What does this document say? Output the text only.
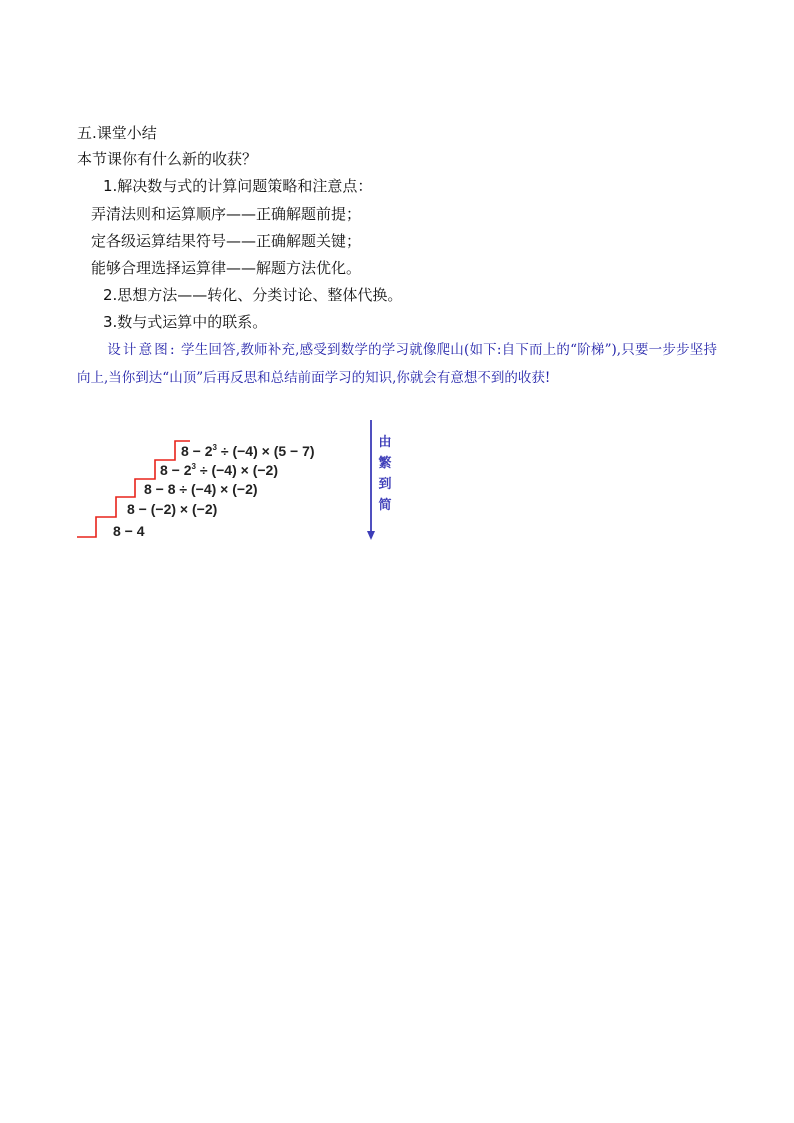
五.课堂小结
本节课你有什么新的收获？
1.解决数与式的计算问题策略和注意点：
弄清法则和运算顺序——正确解题前提；
定各级运算结果符号——正确解题关键；
能够合理选择运算律——解题方法优化。
2.思想方法——转化、分类讨论、整体代换。
3.数与式运算中的联系。
设计意图: 学生回答,教师补充,感受到数学的学习就像爬山(如下:自下而上的“阶梯”),只要一步步坚持向上,当你到达“山顶”后再反思和总结前面学习的知识,你就会有意想不到的收获!
$8 - 2^3 \div (-4) \times (5 - 7)$
$8 - 2^3 \div (-4) \times (-2)$
8 − 8 ÷ (−4) × (−2)
8 − (−2) × (−2)
8 − 4
由
繁
到
简
